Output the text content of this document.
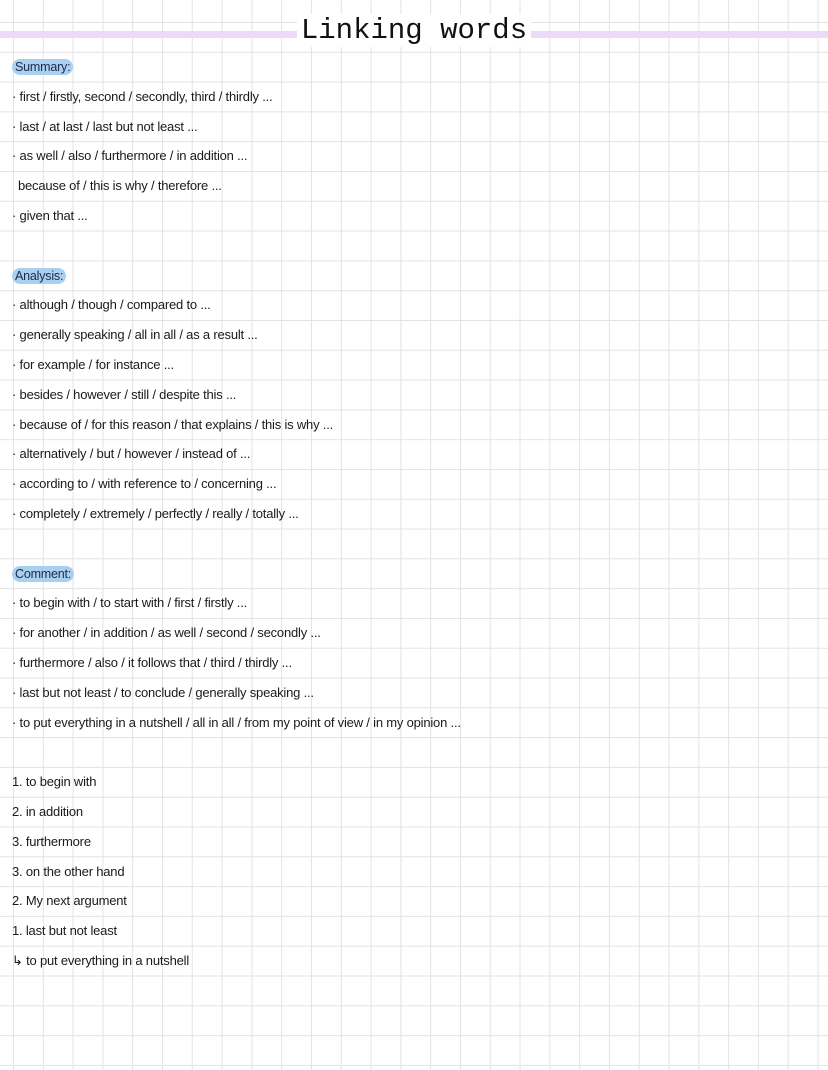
Linking words
Summary:
· first / firstly, second / secondly, third / thirdly ...
· last / at last / last but not least ...
· as well / also / furthermore / in addition ...
because of / this is why / therefore ...
· given that ...
Analysis:
· although / though / compared to ...
· generally speaking / all in all / as a result ...
· for example / for instance ...
· besides / however / still / despite this ...
· because of / for this reason / that explains / this is why ...
· alternatively / but / however / instead of ...
· according to / with reference to / concerning ...
· completely / extremely / perfectly / really / totally ...
Comment:
· to begin with / to start with / first / firstly ...
· for another / in addition / as well / second / secondly ...
· furthermore / also / it follows that / third / thirdly ...
· last but not least / to conclude / generally speaking ...
· to put everything in a nutshell / all in all / from my point of view / in my opinion ...
1. to begin with
2. in addition
3. furthermore
3. on the other hand
2. My next argument
1. last but not least
↳ to put everything in a nutshell
